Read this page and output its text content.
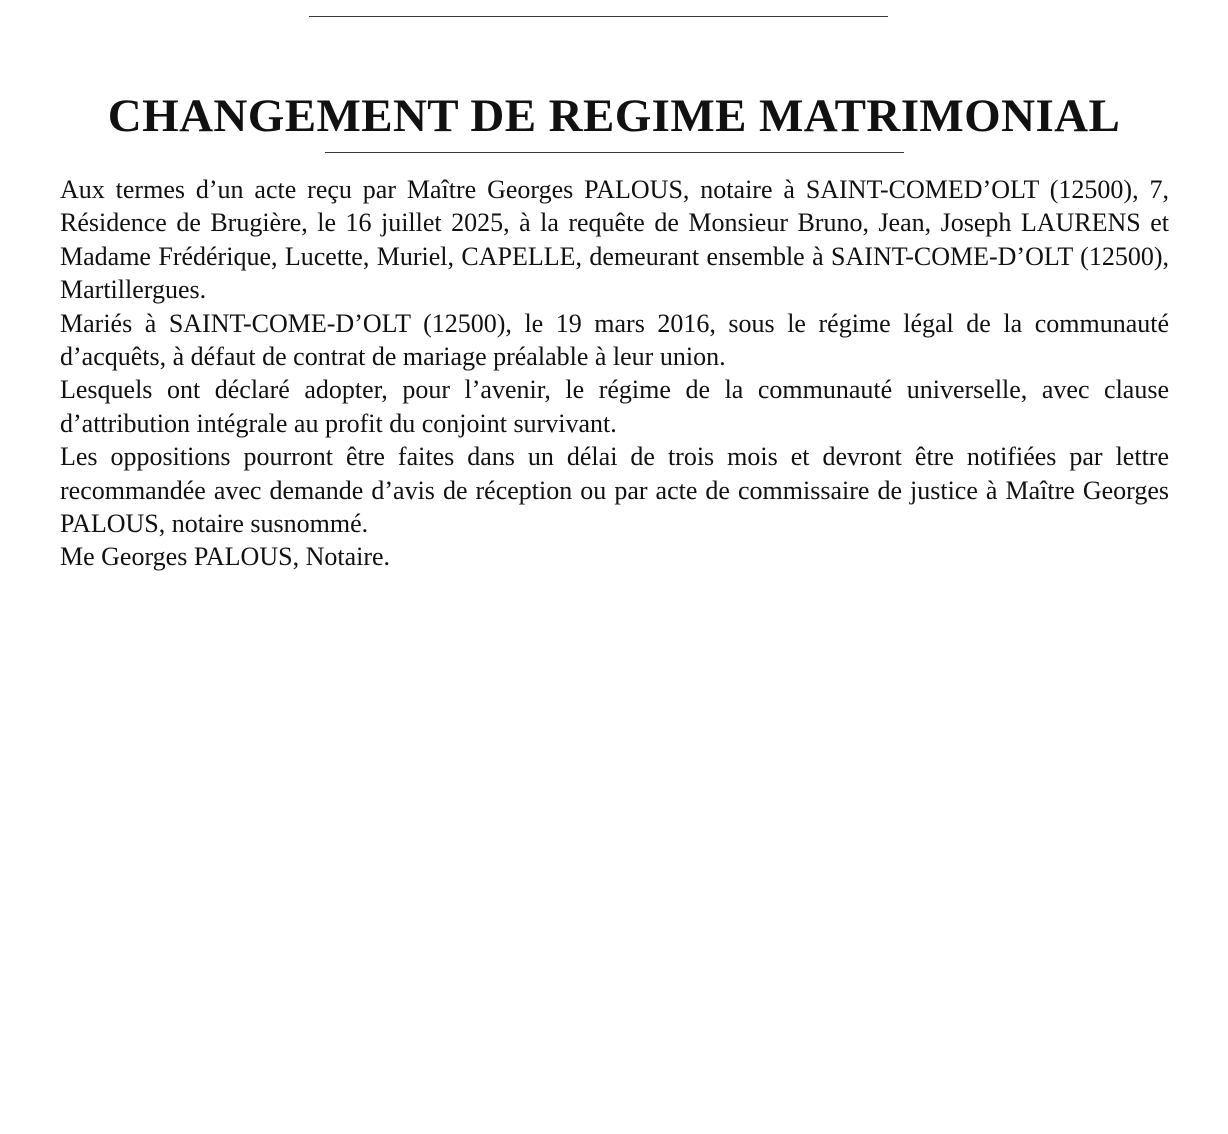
CHANGEMENT DE REGIME MATRIMONIAL

Aux termes d’un acte reçu par Maître Georges PALOUS, notaire à SAINT-COMED’OLT (12500), 7, Résidence de Brugière, le 16 juillet 2025, à la requête de Monsieur Bruno, Jean, Joseph LAURENS et Madame Frédérique, Lucette, Muriel, CAPELLE, demeurant ensemble à SAINT-COME-D’OLT (12500), Martillergues.

Mariés à SAINT-COME-D’OLT (12500), le 19 mars 2016, sous le régime légal de la communauté d’acquêts, à défaut de contrat de mariage préalable à leur union.

Lesquels ont déclaré adopter, pour l’avenir, le régime de la communauté universelle, avec clause d’attribution intégrale au profit du conjoint survivant.

Les oppositions pourront être faites dans un délai de trois mois et devront être notifiées par lettre recommandée avec demande d’avis de réception ou par acte de commissaire de justice à Maître Georges PALOUS, notaire susnommé.

Me Georges PALOUS, Notaire.
